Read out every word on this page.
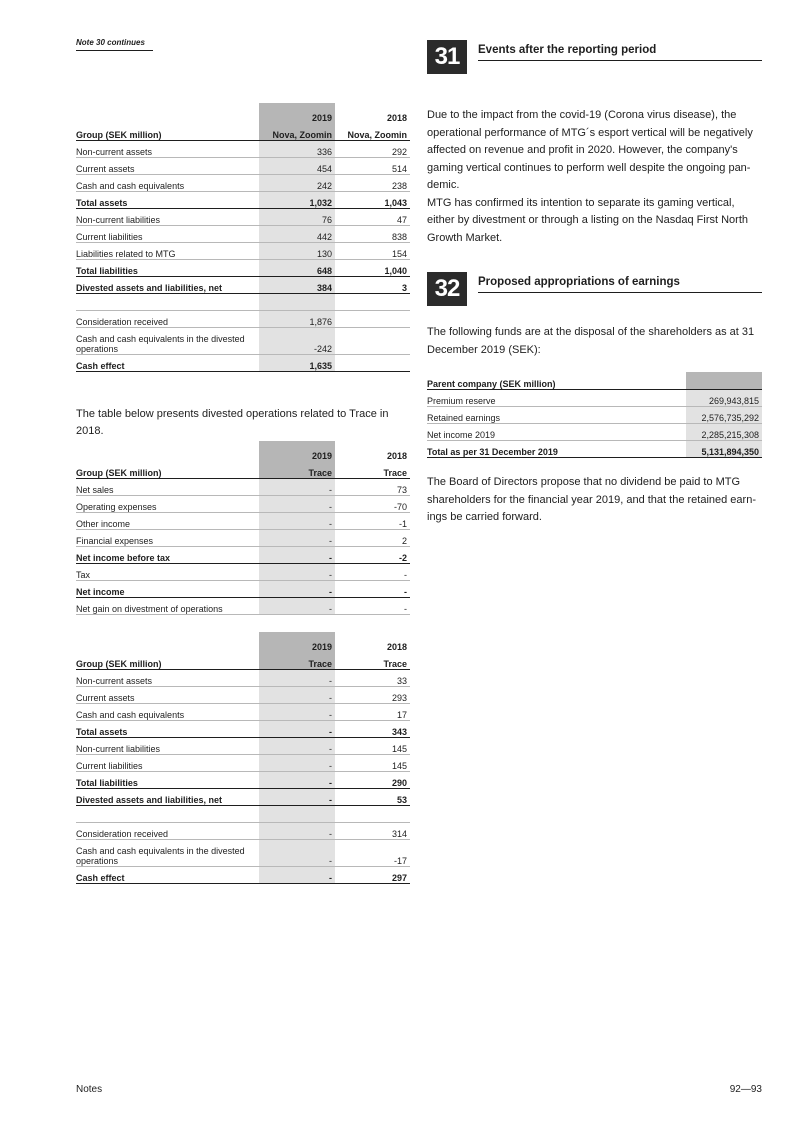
Note 30 continues
	2019	2018
Group (SEK million)	Nova, Zoomin	Nova, Zoomin
Non-current assets	336	292
Current assets	454	514
Cash and cash equivalents	242	238
Total assets	1,032	1,043
Non-current liabilities	76	47
Current liabilities	442	838
Liabilities related to MTG	130	154
Total liabilities	648	1,040
Divested assets and liabilities, net	384	3

Consideration received	1,876	
Cash and cash equivalents in the divested operations	-242	
Cash effect	1,635	

The table below presents divested operations related to Trace in 2018.

	2019	2018
Group (SEK million)	Trace	Trace
Net sales	-	73
Operating expenses	-	-70
Other income	-	-1
Financial expenses	-	2
Net income before tax	-	-2
Tax	-	-
Net income	-	-
Net gain on divestment of operations	-	-
	2019	2018
Group (SEK million)	Trace	Trace
Non-current assets	-	33
Current assets	-	293
Cash and cash equivalents	-	17
Total assets	-	343
Non-current liabilities	-	145
Current liabilities	-	145
Total liabilities	-	290
Divested assets and liabilities, net	-	53

Consideration received	-	314
Cash and cash equivalents in the divested operations	-	-17
Cash effect	-	297
31	Events after the reporting period

Due to the impact from the covid-19 (Corona virus disease), the operational performance of MTG´s esport vertical will be negatively affected on revenue and profit in 2020. However, the company's gaming vertical continues to perform well despite the ongoing pan-demic.

MTG has confirmed its intention to separate its gaming vertical, either by divestment or through a listing on the Nasdaq First North Growth Market.

32	Proposed appropriations of earnings

The following funds are at the disposal of the shareholders as at 31 December 2019 (SEK):

Parent company (SEK million)	
Premium reserve	269,943,815
Retained earnings	2,576,735,292
Net income 2019	2,285,215,308
Total as per 31 December 2019	5,131,894,350

The Board of Directors propose that no dividend be paid to MTG shareholders for the financial year 2019, and that the retained earn-ings be carried forward.

Notes	92—93
